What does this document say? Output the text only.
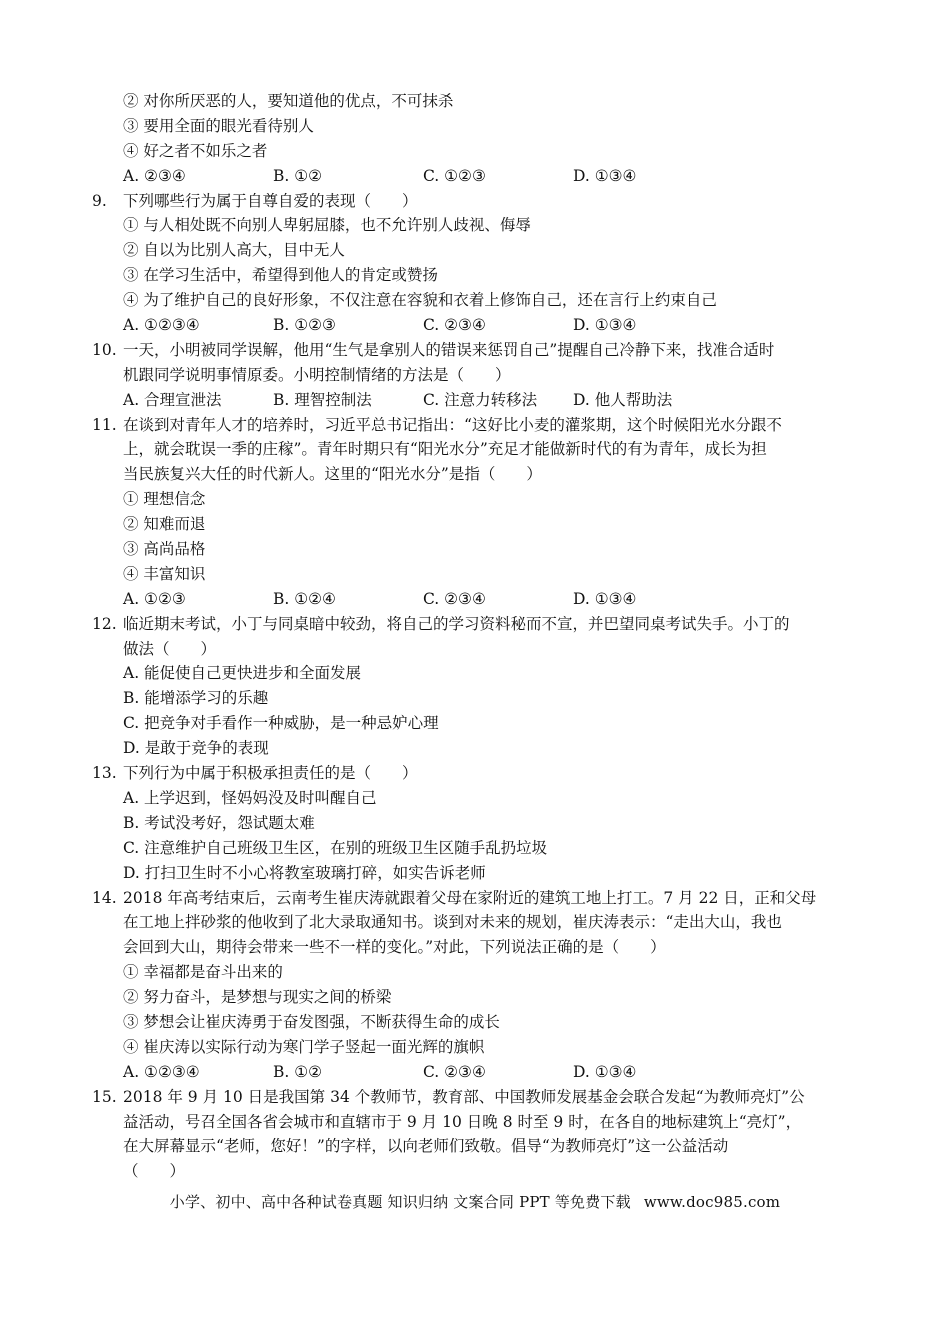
② 对你所厌恶的人，要知道他的优点，不可抹杀
③ 要用全面的眼光看待别人
④ 好之者不如乐之者
A. ②③④	B. ①②	C. ①②③	D. ①③④
9.	下列哪些行为属于自尊自爱的表现（　　）
① 与人相处既不向别人卑躬屈膝，也不允许别人歧视、侮辱
② 自以为比别人高大，目中无人
③ 在学习生活中，希望得到他人的肯定或赞扬
④ 为了维护自己的良好形象，不仅注意在容貌和衣着上修饰自己，还在言行上约束自己
A. ①②③④	B. ①②③	C. ②③④	D. ①③④
10. 一天，小明被同学误解，他用“生气是拿别人的错误来惩罚自己”提醒自己冷静下来，找准合适时
机跟同学说明事情原委。小明控制情绪的方法是（　　）
A. 合理宣泄法	B. 理智控制法	C. 注意力转移法	D. 他人帮助法
11. 在谈到对青年人才的培养时，习近平总书记指出：“这好比小麦的灌浆期，这个时候阳光水分跟不
上，就会耽误一季的庄稼”。青年时期只有“阳光水分”充足才能做新时代的有为青年，成长为担
当民族复兴大任的时代新人。这里的“阳光水分”是指（　　）
① 理想信念
② 知难而退
③ 高尚品格
④ 丰富知识
A. ①②③	B. ①②④	C. ②③④	D. ①③④
12. 临近期末考试，小丁与同桌暗中较劲，将自己的学习资料秘而不宣，并巴望同桌考试失手。小丁的
做法（　　）
A. 能促使自己更快进步和全面发展
B. 能增添学习的乐趣
C. 把竞争对手看作一种威胁，是一种忌妒心理
D. 是敢于竞争的表现
13. 下列行为中属于积极承担责任的是（　　）
A. 上学迟到，怪妈妈没及时叫醒自己
B. 考试没考好，怨试题太难
C. 注意维护自己班级卫生区，在别的班级卫生区随手乱扔垃圾
D. 打扫卫生时不小心将教室玻璃打碎，如实告诉老师
14. 2018 年高考结束后，云南考生崔庆涛就跟着父母在家附近的建筑工地上打工。7 月 22 日，正和父母
在工地上拌砂浆的他收到了北大录取通知书。谈到对未来的规划，崔庆涛表示：“走出大山，我也
会回到大山，期待会带来一些不一样的变化。”对此，下列说法正确的是（　　）
① 幸福都是奋斗出来的
② 努力奋斗，是梦想与现实之间的桥梁
③ 梦想会让崔庆涛勇于奋发图强，不断获得生命的成长
④ 崔庆涛以实际行动为寒门学子竖起一面光辉的旗帜
A. ①②③④	B. ①②	C. ②③④	D. ①③④
15. 2018 年 9 月 10 日是我国第 34 个教师节，教育部、中国教师发展基金会联合发起“为教师亮灯”公
益活动，号召全国各省会城市和直辖市于 9 月 10 日晚 8 时至 9 时，在各自的地标建筑上“亮灯”，
在大屏幕显示“老师，您好！”的字样，以向老师们致敬。倡导“为教师亮灯”这一公益活动
（　　）
小学、初中、高中各种试卷真题 知识归纳 文案合同 PPT 等免费下载 www.doc985.com
